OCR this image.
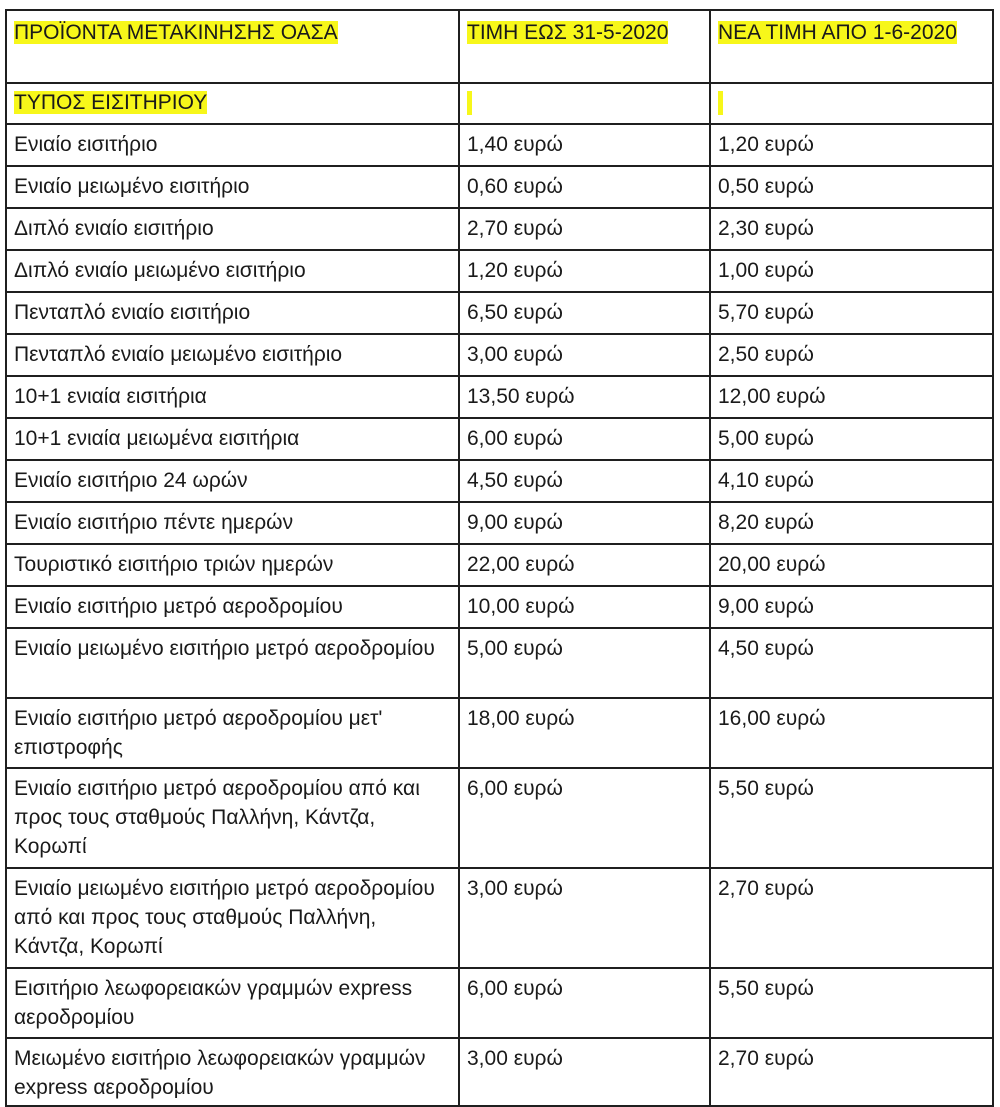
ΠΡΟΪΟΝΤΑ ΜΕΤΑΚΙΝΗΣΗΣ ΟΑΣΑ	ΤΙΜΗ ΕΩΣ 31-5-2020	ΝΕΑ ΤΙΜΗ ΑΠΟ 1-6-2020
ΤΥΠΟΣ ΕΙΣΙΤΗΡΙΟΥ		
Ενιαίο εισιτήριο	1,40 ευρώ	1,20 ευρώ
Ενιαίο μειωμένο εισιτήριο	0,60 ευρώ	0,50 ευρώ
Διπλό ενιαίο εισιτήριο	2,70 ευρώ	2,30 ευρώ
Διπλό ενιαίο μειωμένο εισιτήριο	1,20 ευρώ	1,00 ευρώ
Πενταπλό ενιαίο εισιτήριο	6,50 ευρώ	5,70 ευρώ
Πενταπλό ενιαίο μειωμένο εισιτήριο	3,00 ευρώ	2,50 ευρώ
10+1 ενιαία εισιτήρια	13,50 ευρώ	12,00 ευρώ
10+1 ενιαία μειωμένα εισιτήρια	6,00 ευρώ	5,00 ευρώ
Ενιαίο εισιτήριο 24 ωρών	4,50 ευρώ	4,10 ευρώ
Ενιαίο εισιτήριο πέντε ημερών	9,00 ευρώ	8,20 ευρώ
Τουριστικό εισιτήριο τριών ημερών	22,00 ευρώ	20,00 ευρώ
Ενιαίο εισιτήριο μετρό αεροδρομίου	10,00 ευρώ	9,00 ευρώ
Ενιαίο μειωμένο εισιτήριο μετρό αεροδρομίου	5,00 ευρώ	4,50 ευρώ
Ενιαίο εισιτήριο μετρό αεροδρομίου μετ' επιστροφής	18,00 ευρώ	16,00 ευρώ
Ενιαίο εισιτήριο μετρό αεροδρομίου από και προς τους σταθμούς Παλλήνη, Κάντζα, Κορωπί	6,00 ευρώ	5,50 ευρώ
Ενιαίο μειωμένο εισιτήριο μετρό αεροδρομίου από και προς τους σταθμούς Παλλήνη, Κάντζα, Κορωπί	3,00 ευρώ	2,70 ευρώ
Εισιτήριο λεωφορειακών γραμμών express αεροδρομίου	6,00 ευρώ	5,50 ευρώ
Μειωμένο εισιτήριο λεωφορειακών γραμμών express αεροδρομίου	3,00 ευρώ	2,70 ευρώ
